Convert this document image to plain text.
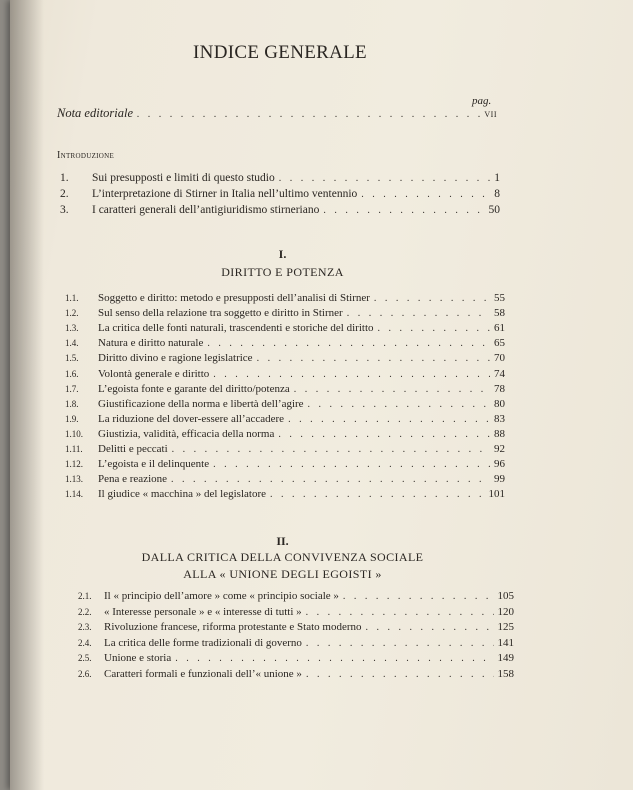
INDICE GENERALE
pag.
Nota editoriale . . .	VII
Introduzione
1.	Sui presupposti e limiti di questo studio . . .	1
2.	L’interpretazione di Stirner in Italia nell’ultimo ventennio . . .	8
3.	I caratteri generali dell’antigiuridismo stirneriano . . .	50
I.
DIRITTO E POTENZA
1.1.	Soggetto e diritto: metodo e presupposti dell’analisi di Stirner . . .	55
1.2.	Sul senso della relazione tra soggetto e diritto in Stirner . . .	58
1.3.	La critica delle fonti naturali, trascendenti e storiche del diritto . . .	61
1.4.	Natura e diritto naturale . . .	65
1.5.	Diritto divino e ragione legislatrice . . .	70
1.6.	Volontà generale e diritto . . .	74
1.7.	L’egoista fonte e garante del diritto/potenza . . .	78
1.8.	Giustificazione della norma e libertà dell’agire . . .	80
1.9.	La riduzione del dover-essere all’accadere . . .	83
1.10.	Giustizia, validità, efficacia della norma . . .	88
1.11.	Delitti e peccati . . .	92
1.12.	L’egoista e il delinquente . . .	96
1.13.	Pena e reazione . . .	99
1.14.	Il giudice « macchina » del legislatore . . .	101
II.
DALLA CRITICA DELLA CONVIVENZA SOCIALE
ALLA « UNIONE DEGLI EGOISTI »
2.1.	Il « principio dell’amore » come « principio sociale » . . .	105
2.2.	« Interesse personale » e « interesse di tutti » . . .	120
2.3.	Rivoluzione francese, riforma protestante e Stato moderno . . .	125
2.4.	La critica delle forme tradizionali di governo . . .	141
2.5.	Unione e storia . . .	149
2.6.	Caratteri formali e funzionali dell’« unione » . . .	158
